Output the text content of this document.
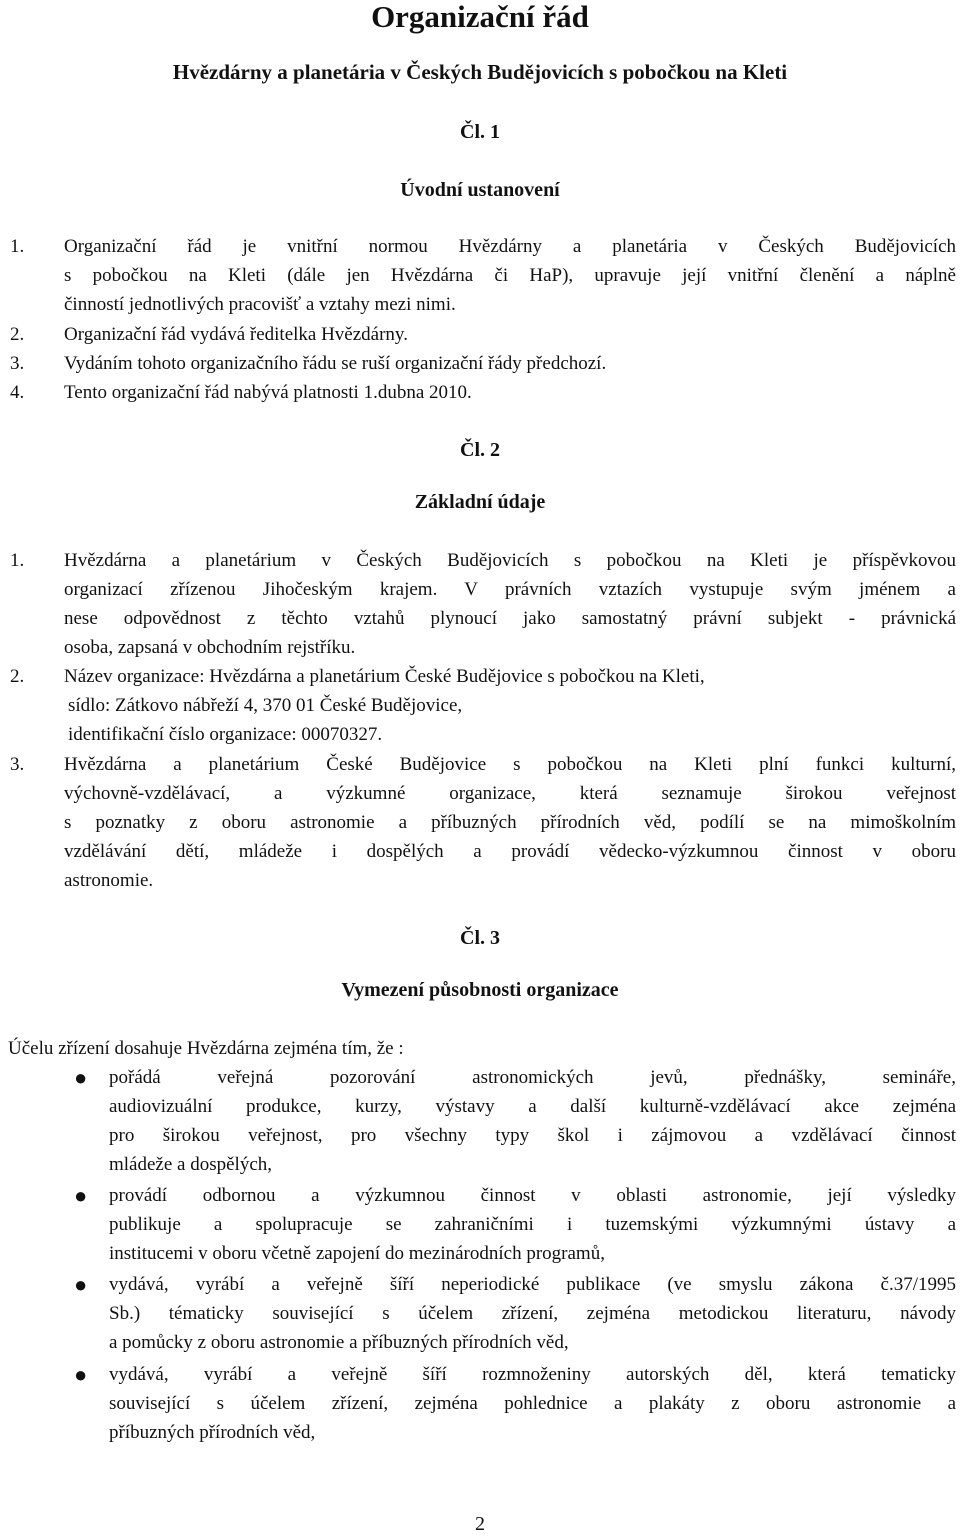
Organizační řád
Hvězdárny a planetária v Českých Budějovicích s pobočkou na Kleti
Čl. 1
Úvodní ustanovení
1. Organizační řád je vnitřní normou Hvězdárny a planetária v Českých Budějovicích
s pobočkou na Kleti (dále jen Hvězdárna či HaP), upravuje její vnitřní členění a náplně
činností jednotlivých pracovišť a vztahy mezi nimi.
2. Organizační řád vydává ředitelka Hvězdárny.
3. Vydáním tohoto organizačního řádu se ruší organizační řády předchozí.
4. Tento organizační řád nabývá platnosti 1.dubna 2010.
Čl. 2
Základní údaje
1. Hvězdárna a planetárium v Českých Budějovicích s pobočkou na Kleti je příspěvkovou
organizací zřízenou Jihočeským krajem. V právních vztazích vystupuje svým jménem a
nese odpovědnost z těchto vztahů plynoucí jako samostatný právní subjekt - právnická
osoba, zapsaná v obchodním rejstříku.
2. Název organizace: Hvězdárna a planetárium České Budějovice s pobočkou na Kleti,
sídlo: Zátkovo nábřeží 4, 370 01 České Budějovice,
identifikační číslo organizace: 00070327.
3. Hvězdárna a planetárium České Budějovice s pobočkou na Kleti plní funkci kulturní,
výchovně-vzdělávací, a výzkumné organizace, která seznamuje širokou veřejnost
s poznatky z oboru astronomie a příbuzných přírodních věd, podílí se na mimoškolním
vzdělávání dětí, mládeže i dospělých a provádí vědecko-výzkumnou činnost v oboru
astronomie.
Čl. 3
Vymezení působnosti organizace
Účelu zřízení dosahuje Hvězdárna zejména tím, že :
● pořádá veřejná pozorování astronomických jevů, přednášky, semináře,
audiovizuální produkce, kurzy, výstavy a další kulturně-vzdělávací akce zejména
pro širokou veřejnost, pro všechny typy škol i zájmovou a vzdělávací činnost
mládeže a dospělých,
● provádí odbornou a výzkumnou činnost v oblasti astronomie, její výsledky
publikuje a spolupracuje se zahraničními i tuzemskými výzkumnými ústavy a
institucemi v oboru včetně zapojení do mezinárodních programů,
● vydává, vyrábí a veřejně šíří neperiodické publikace (ve smyslu zákona č.37/1995
Sb.) tématicky související s účelem zřízení, zejména metodickou literaturu, návody
a pomůcky z oboru astronomie a příbuzných přírodních věd,
● vydává, vyrábí a veřejně šíří rozmnoženiny autorských děl, která tematicky
související s účelem zřízení, zejména pohlednice a plakáty z oboru astronomie a
příbuzných přírodních věd,
2
